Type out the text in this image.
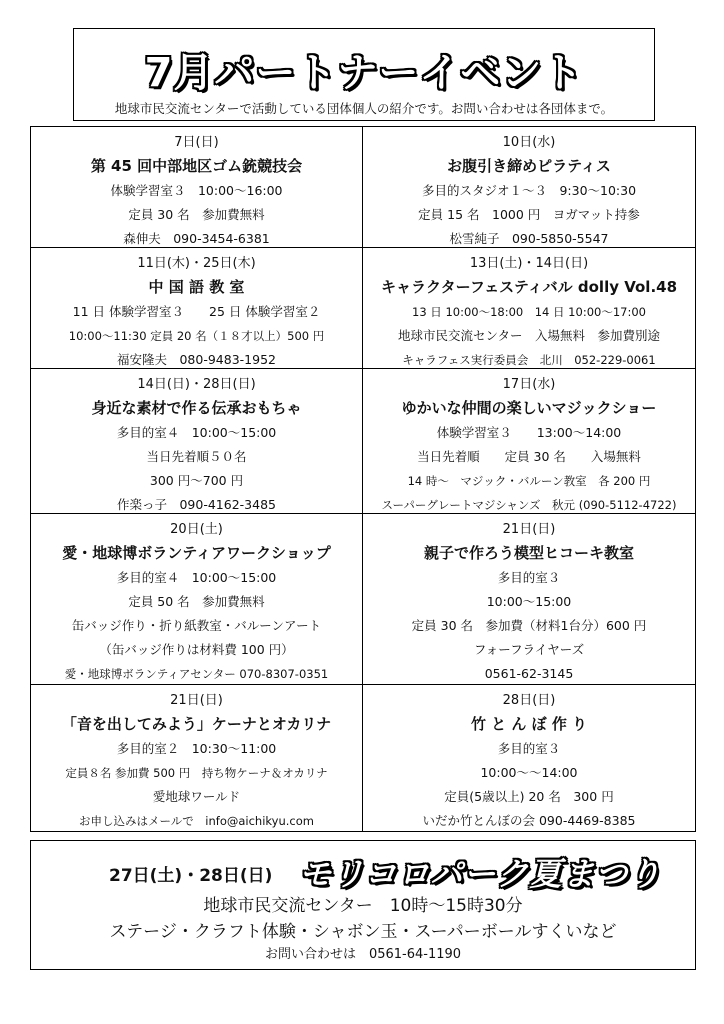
7月パートナーイベント
地球市民交流センターで活動している団体個人の紹介です。お問い合わせは各団体まで。
7日(日)
第 45 回中部地区ゴム銃競技会
体験学習室３　10:00～16:00
定員 30 名　参加費無料
森伸夫　090-3454-6381
10日(水)
お腹引き締めピラティス
多目的スタジオ１～３　9:30～10:30
定員 15 名　1000 円　ヨガマット持参
松雪純子　090-5850-5547
11日(木)・25日(木)
中 国 語 教 室
11 日 体験学習室３　　25 日 体験学習室２
10:00～11:30 定員 20 名（１８才以上）500 円
福安隆夫　080-9483-1952
13日(土)・14日(日)
キャラクターフェスティバル dolly Vol.48
13 日 10:00～18:00　14 日 10:00～17:00
地球市民交流センター　入場無料　参加費別途
キャラフェス実行委員会　北川　052-229-0061
14日(日)・28日(日)
身近な素材で作る伝承おもちゃ
多目的室４　10:00～15:00
当日先着順５０名
300 円～700 円
作楽っ子　090-4162-3485
17日(水)
ゆかいな仲間の楽しいマジックショー
体験学習室３　　13:00～14:00
当日先着順　　定員 30 名　　入場無料
14 時～　マジック・バルーン教室　各 200 円
スーパーグレートマジシャンズ　秋元 (090-5112-4722)
20日(土)
愛・地球博ボランティアワークショップ
多目的室４　10:00～15:00
定員 50 名　参加費無料
缶バッジ作り・折り紙教室・バルーンアート
（缶バッジ作りは材料費 100 円）
愛・地球博ボランティアセンター 070-8307-0351
21日(日)
親子で作ろう模型ヒコーキ教室
多目的室３
10:00～15:00
定員 30 名　参加費（材料1台分）600 円
フォーフライヤーズ
0561-62-3145
21日(日)
「音を出してみよう」ケーナとオカリナ
多目的室２　10:30～11:00
定員８名 参加費 500 円　持ち物ケーナ＆オカリナ
愛地球ワールド
お申し込みはメールで　info@aichikyu.com
28日(日)
竹 と ん ぼ 作 り
多目的室３
10:00～～14:00
定員(5歳以上) 20 名　300 円
いだか竹とんぼの会 090-4469-8385
27日(土)・28日(日) モリコロパーク夏まつり
地球市民交流センター　10時～15時30分
ステージ・クラフト体験・シャボン玉・スーパーボールすくいなど
お問い合わせは　0561-64-1190
